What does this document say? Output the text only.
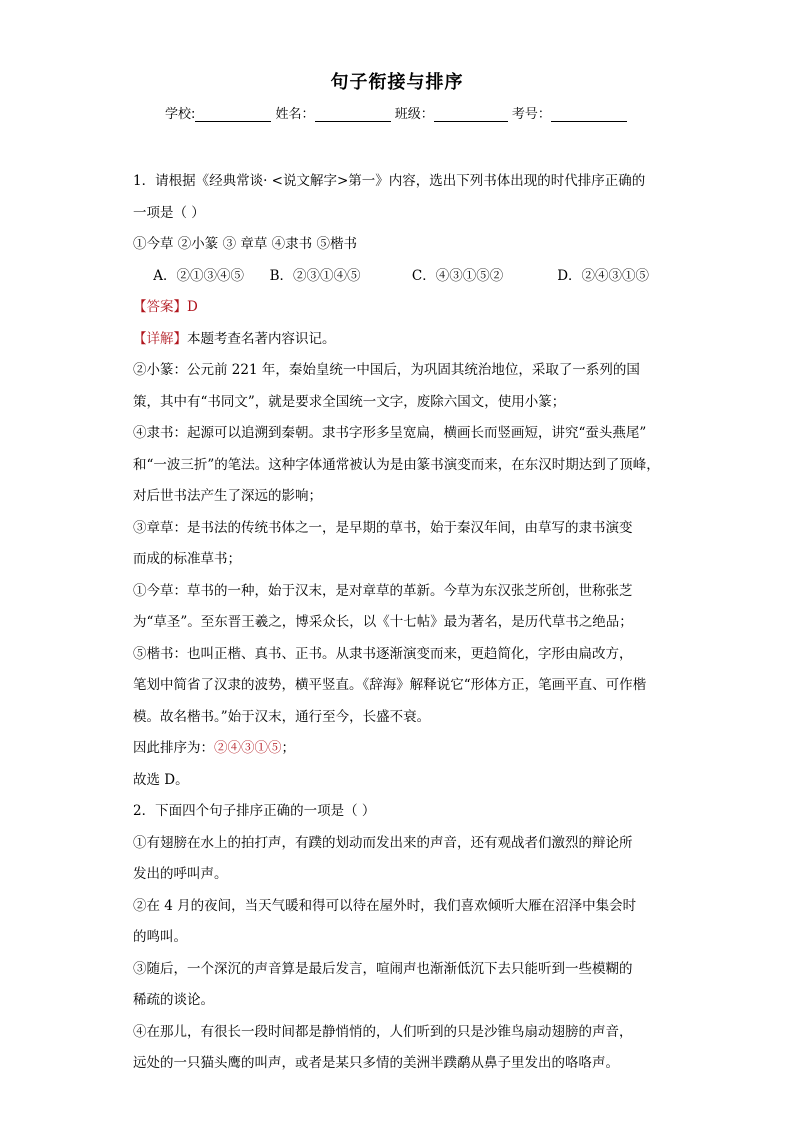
句子衔接与排序
学校:	姓名：	班级：	考号：
1．请根据《经典常谈· <说文解字>第一》内容，选出下列书体出现的时代排序正确的
一项是（ ）
①今草 ②小篆 ③ 章草 ④隶书 ⑤楷书
A．②①③④⑤ B．②③①④⑤	C．④③①⑤②	D．②④③①⑤
【答案】D
【详解】本题考查名著内容识记。
②小篆：公元前 221 年，秦始皇统一中国后，为巩固其统治地位，采取了一系列的国
策，其中有“书同文”，就是要求全国统一文字，废除六国文，使用小篆；
④隶书：起源可以追溯到秦朝。隶书字形多呈宽扁，横画长而竖画短，讲究“蚕头燕尾”
和“一波三折”的笔法。这种字体通常被认为是由篆书演变而来，在东汉时期达到了顶峰，
对后世书法产生了深远的影响；
③章草：是书法的传统书体之一，是早期的草书，始于秦汉年间，由草写的隶书演变
而成的标准草书；
①今草：草书的一种，始于汉末，是对章草的革新。今草为东汉张芝所创，世称张芝
为“草圣”。至东晋王羲之，博采众长，以《十七帖》最为著名，是历代草书之绝品；
⑤楷书：也叫正楷、真书、正书。从隶书逐渐演变而来，更趋简化，字形由扁改方，
笔划中简省了汉隶的波势，横平竖直。《辞海》解释说它“形体方正，笔画平直、可作楷
模。故名楷书。”始于汉末，通行至今，长盛不衰。
因此排序为：②④③①⑤；
故选 D。
2．下面四个句子排序正确的一项是（ ）
①有翅膀在水上的拍打声，有蹼的划动而发出来的声音，还有观战者们激烈的辩论所
发出的呼叫声。
②在 4 月的夜间，当天气暖和得可以待在屋外时，我们喜欢倾听大雁在沼泽中集会时
的鸣叫。
③随后，一个深沉的声音算是最后发言，喧闹声也渐渐低沉下去只能听到一些模糊的
稀疏的谈论。
④在那儿，有很长一段时间都是静悄悄的，人们听到的只是沙锥鸟扇动翅膀的声音，
远处的一只猫头鹰的叫声，或者是某只多情的美洲半蹼鹬从鼻子里发出的咯咯声。
